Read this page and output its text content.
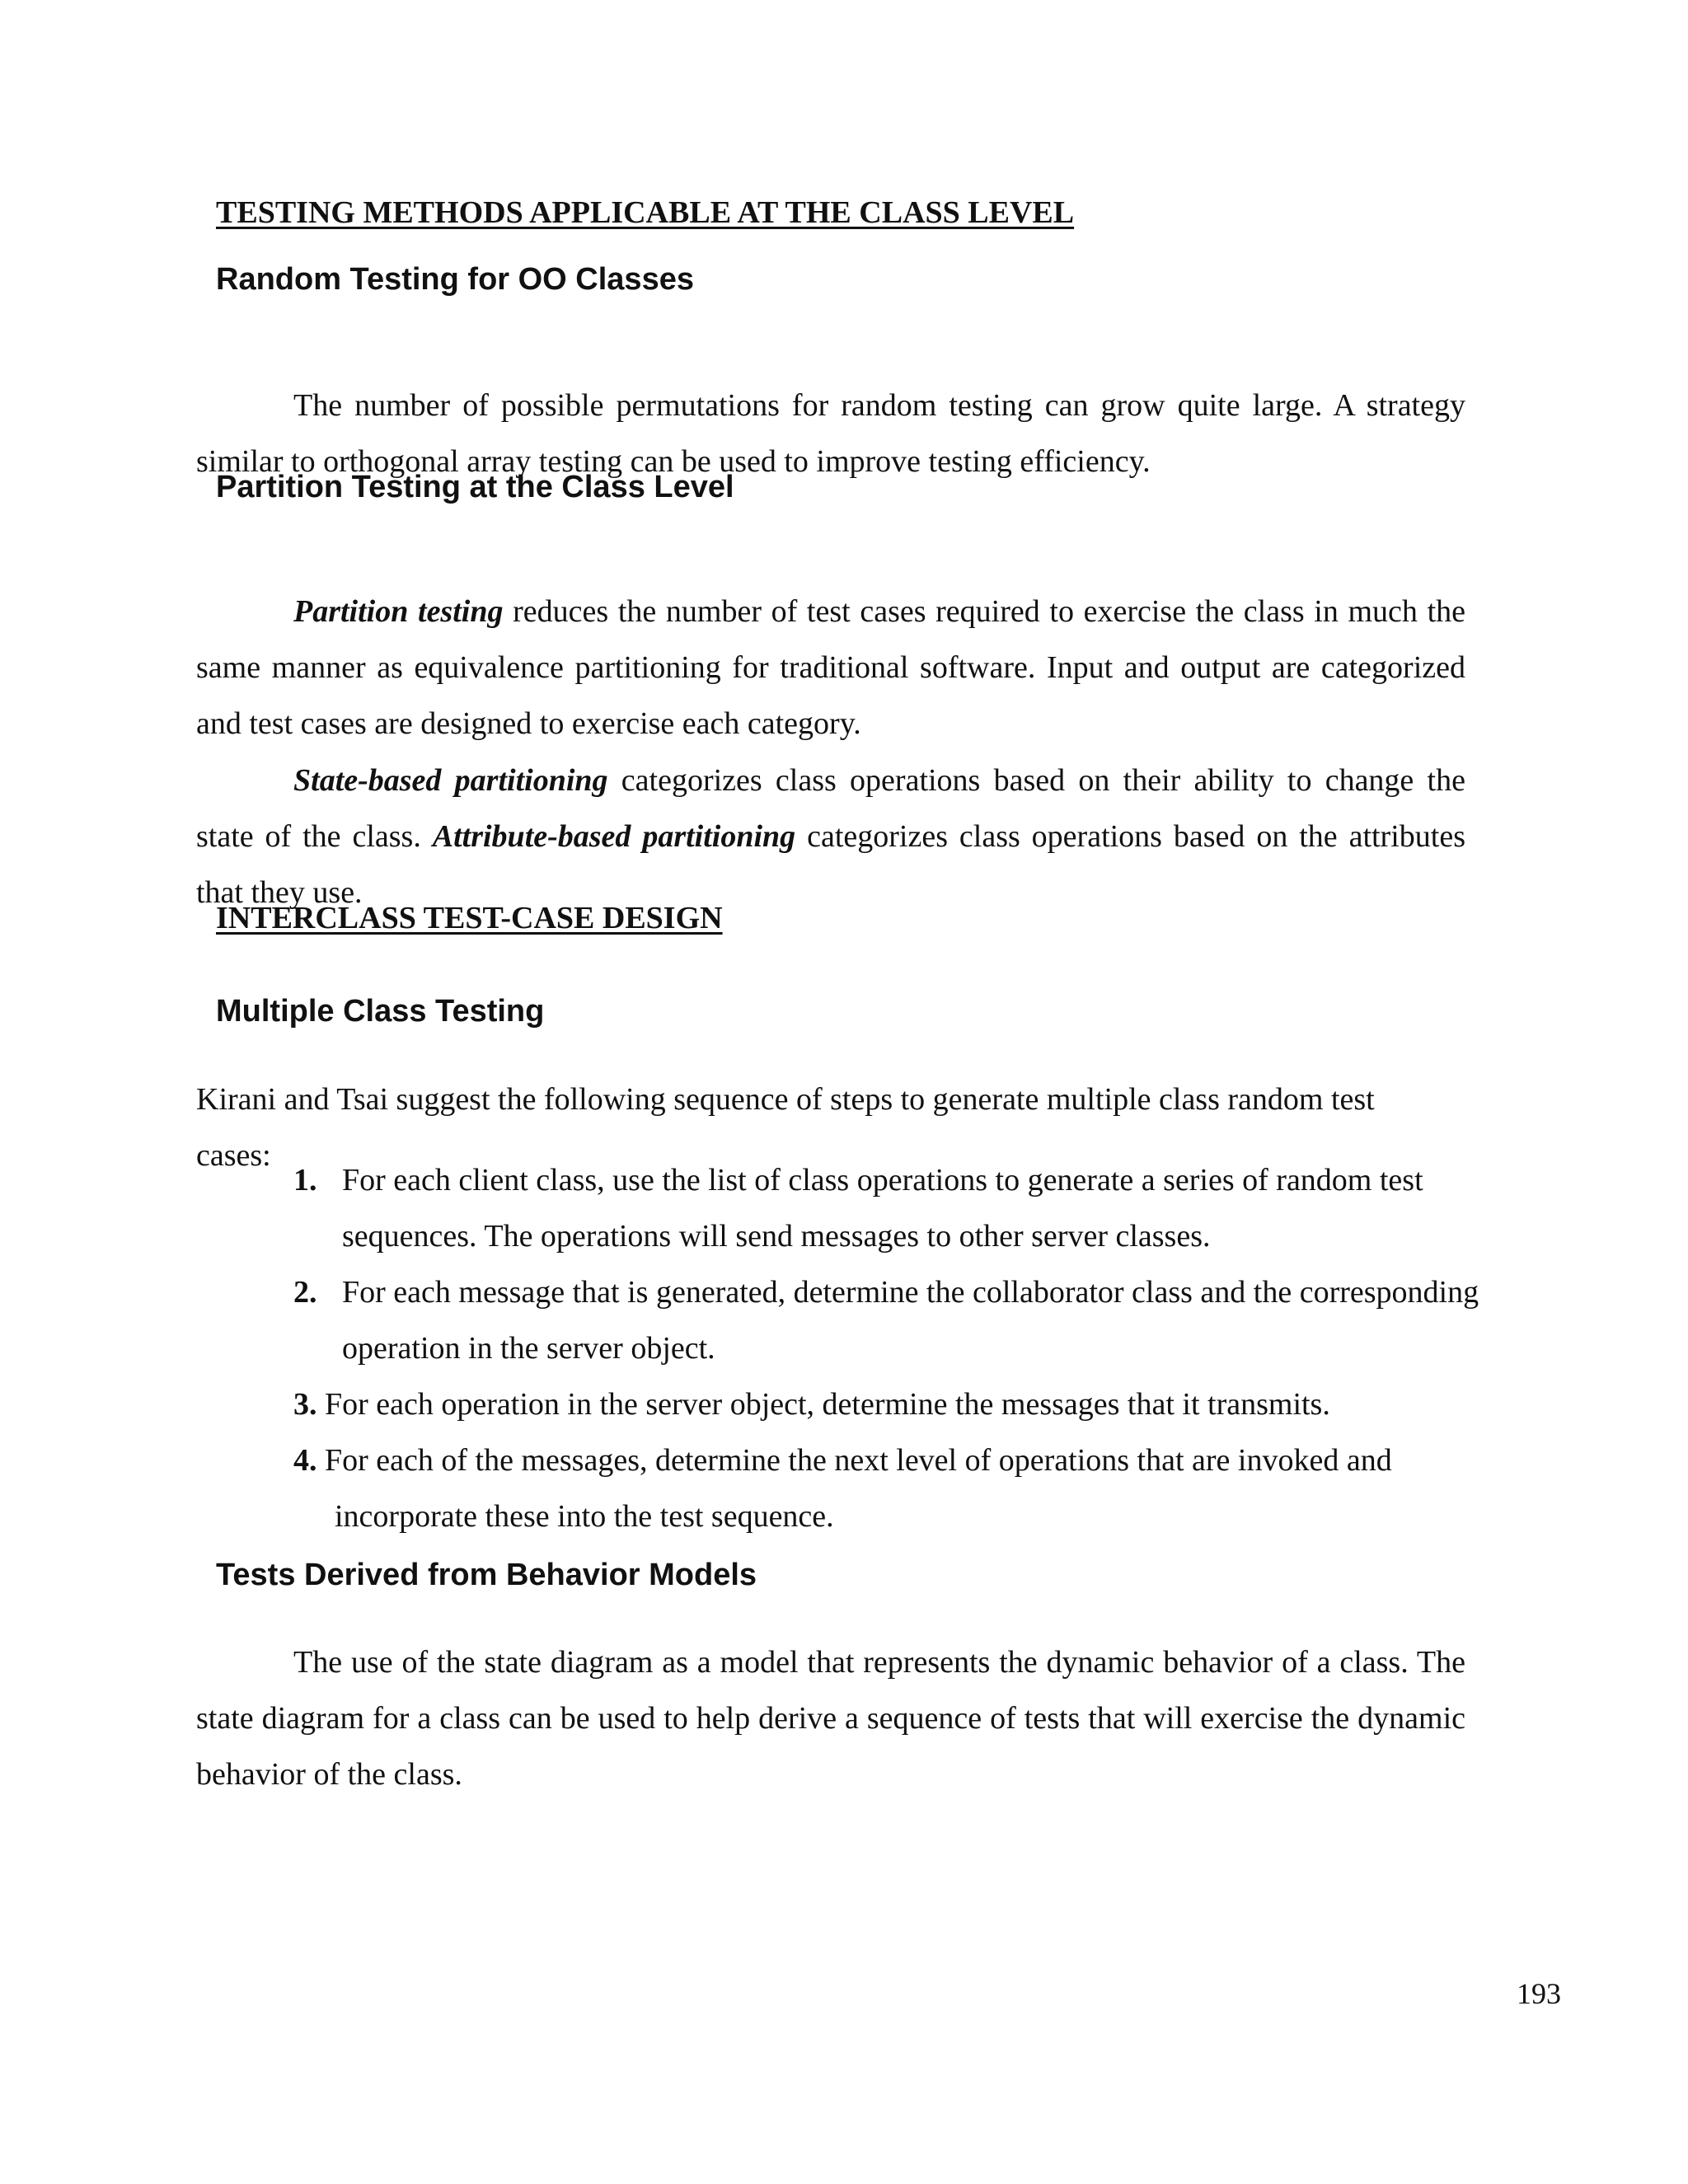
TESTING METHODS APPLICABLE AT THE CLASS LEVEL
Random Testing for OO Classes

The number of possible permutations for random testing can grow quite large. A strategy similar to orthogonal array testing can be used to improve testing efficiency.

Partition Testing at the Class Level

Partition testing reduces the number of test cases required to exercise the class in much the same manner as equivalence partitioning for traditional software. Input and output are categorized and test cases are designed to exercise each category.

State-based partitioning categorizes class operations based on their ability to change the state of the class. Attribute-based partitioning categorizes class operations based on the attributes that they use.

INTERCLASS TEST-CASE DESIGN
Multiple Class Testing

Kirani and Tsai suggest the following sequence of steps to generate multiple class random test cases:

1. For each client class, use the list of class operations to generate a series of random test sequences. The operations will send messages to other server classes.
2. For each message that is generated, determine the collaborator class and the corresponding operation in the server object.
3. For each operation in the server object, determine the messages that it transmits.
4. For each of the messages, determine the next level of operations that are invoked and
incorporate these into the test sequence.
Tests Derived from Behavior Models

The use of the state diagram as a model that represents the dynamic behavior of a class. The state diagram for a class can be used to help derive a sequence of tests that will exercise the dynamic behavior of the class.

193
